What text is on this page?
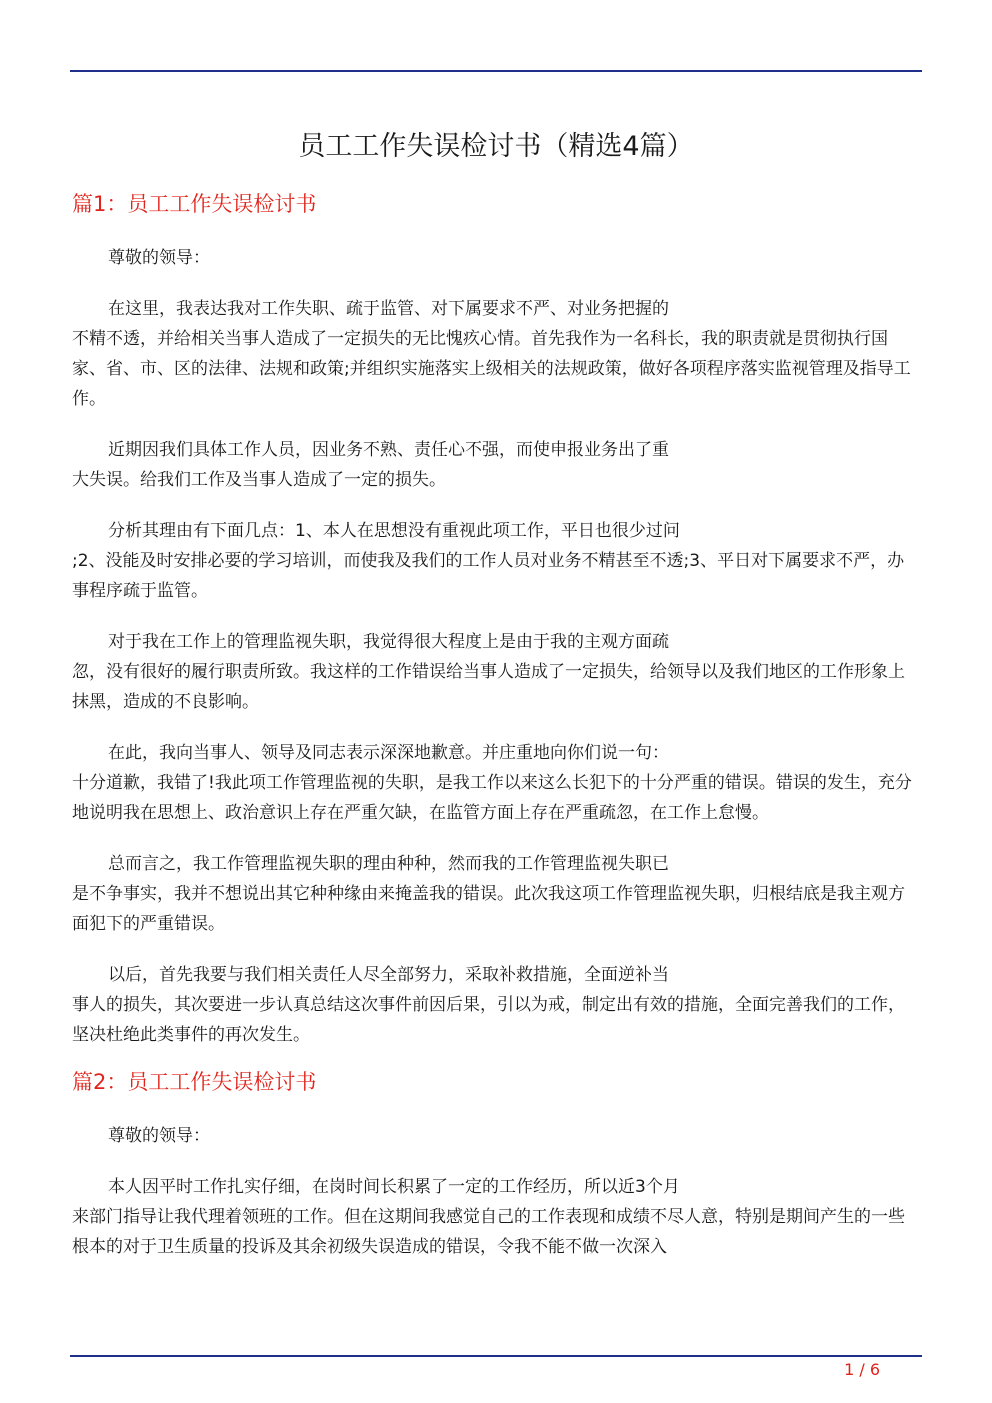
员工工作失误检讨书（精选4篇）
篇1：员工工作失误检讨书

尊敬的领导：

在这里，我表达我对工作失职、疏于监管、对下属要求不严、对业务把握的
不精不透，并给相关当事人造成了一定损失的无比愧疚心情。首先我作为一名科长，我的职责就是贯彻执行国家、省、市、区的法律、法规和政策;并组织实施落实上级相关的法规政策，做好各项程序落实监视管理及指导工作。

近期因我们具体工作人员，因业务不熟、责任心不强，而使申报业务出了重
大失误。给我们工作及当事人造成了一定的损失。

分析其理由有下面几点：1、本人在思想没有重视此项工作，平日也很少过问
;2、没能及时安排必要的学习培训，而使我及我们的工作人员对业务不精甚至不透;3、平日对下属要求不严，办事程序疏于监管。

对于我在工作上的管理监视失职，我觉得很大程度上是由于我的主观方面疏
忽，没有很好的履行职责所致。我这样的工作错误给当事人造成了一定损失，给领导以及我们地区的工作形象上抹黑，造成的不良影响。

在此，我向当事人、领导及同志表示深深地歉意。并庄重地向你们说一句：
十分道歉，我错了!我此项工作管理监视的失职，是我工作以来这么长犯下的十分严重的错误。错误的发生，充分地说明我在思想上、政治意识上存在严重欠缺，在监管方面上存在严重疏忽，在工作上怠慢。

总而言之，我工作管理监视失职的理由种种，然而我的工作管理监视失职已
是不争事实，我并不想说出其它种种缘由来掩盖我的错误。此次我这项工作管理监视失职，归根结底是我主观方面犯下的严重错误。

以后，首先我要与我们相关责任人尽全部努力，采取补救措施，全面逆补当
事人的损失，其次要进一步认真总结这次事件前因后果，引以为戒，制定出有效的措施，全面完善我们的工作，坚决杜绝此类事件的再次发生。

篇2：员工工作失误检讨书

尊敬的领导：

本人因平时工作扎实仔细，在岗时间长积累了一定的工作经历，所以近3个月
来部门指导让我代理着领班的工作。但在这期间我感觉自己的工作表现和成绩不尽人意，特别是期间产生的一些根本的对于卫生质量的投诉及其余初级失误造成的错误，令我不能不做一次深入

1 / 6
